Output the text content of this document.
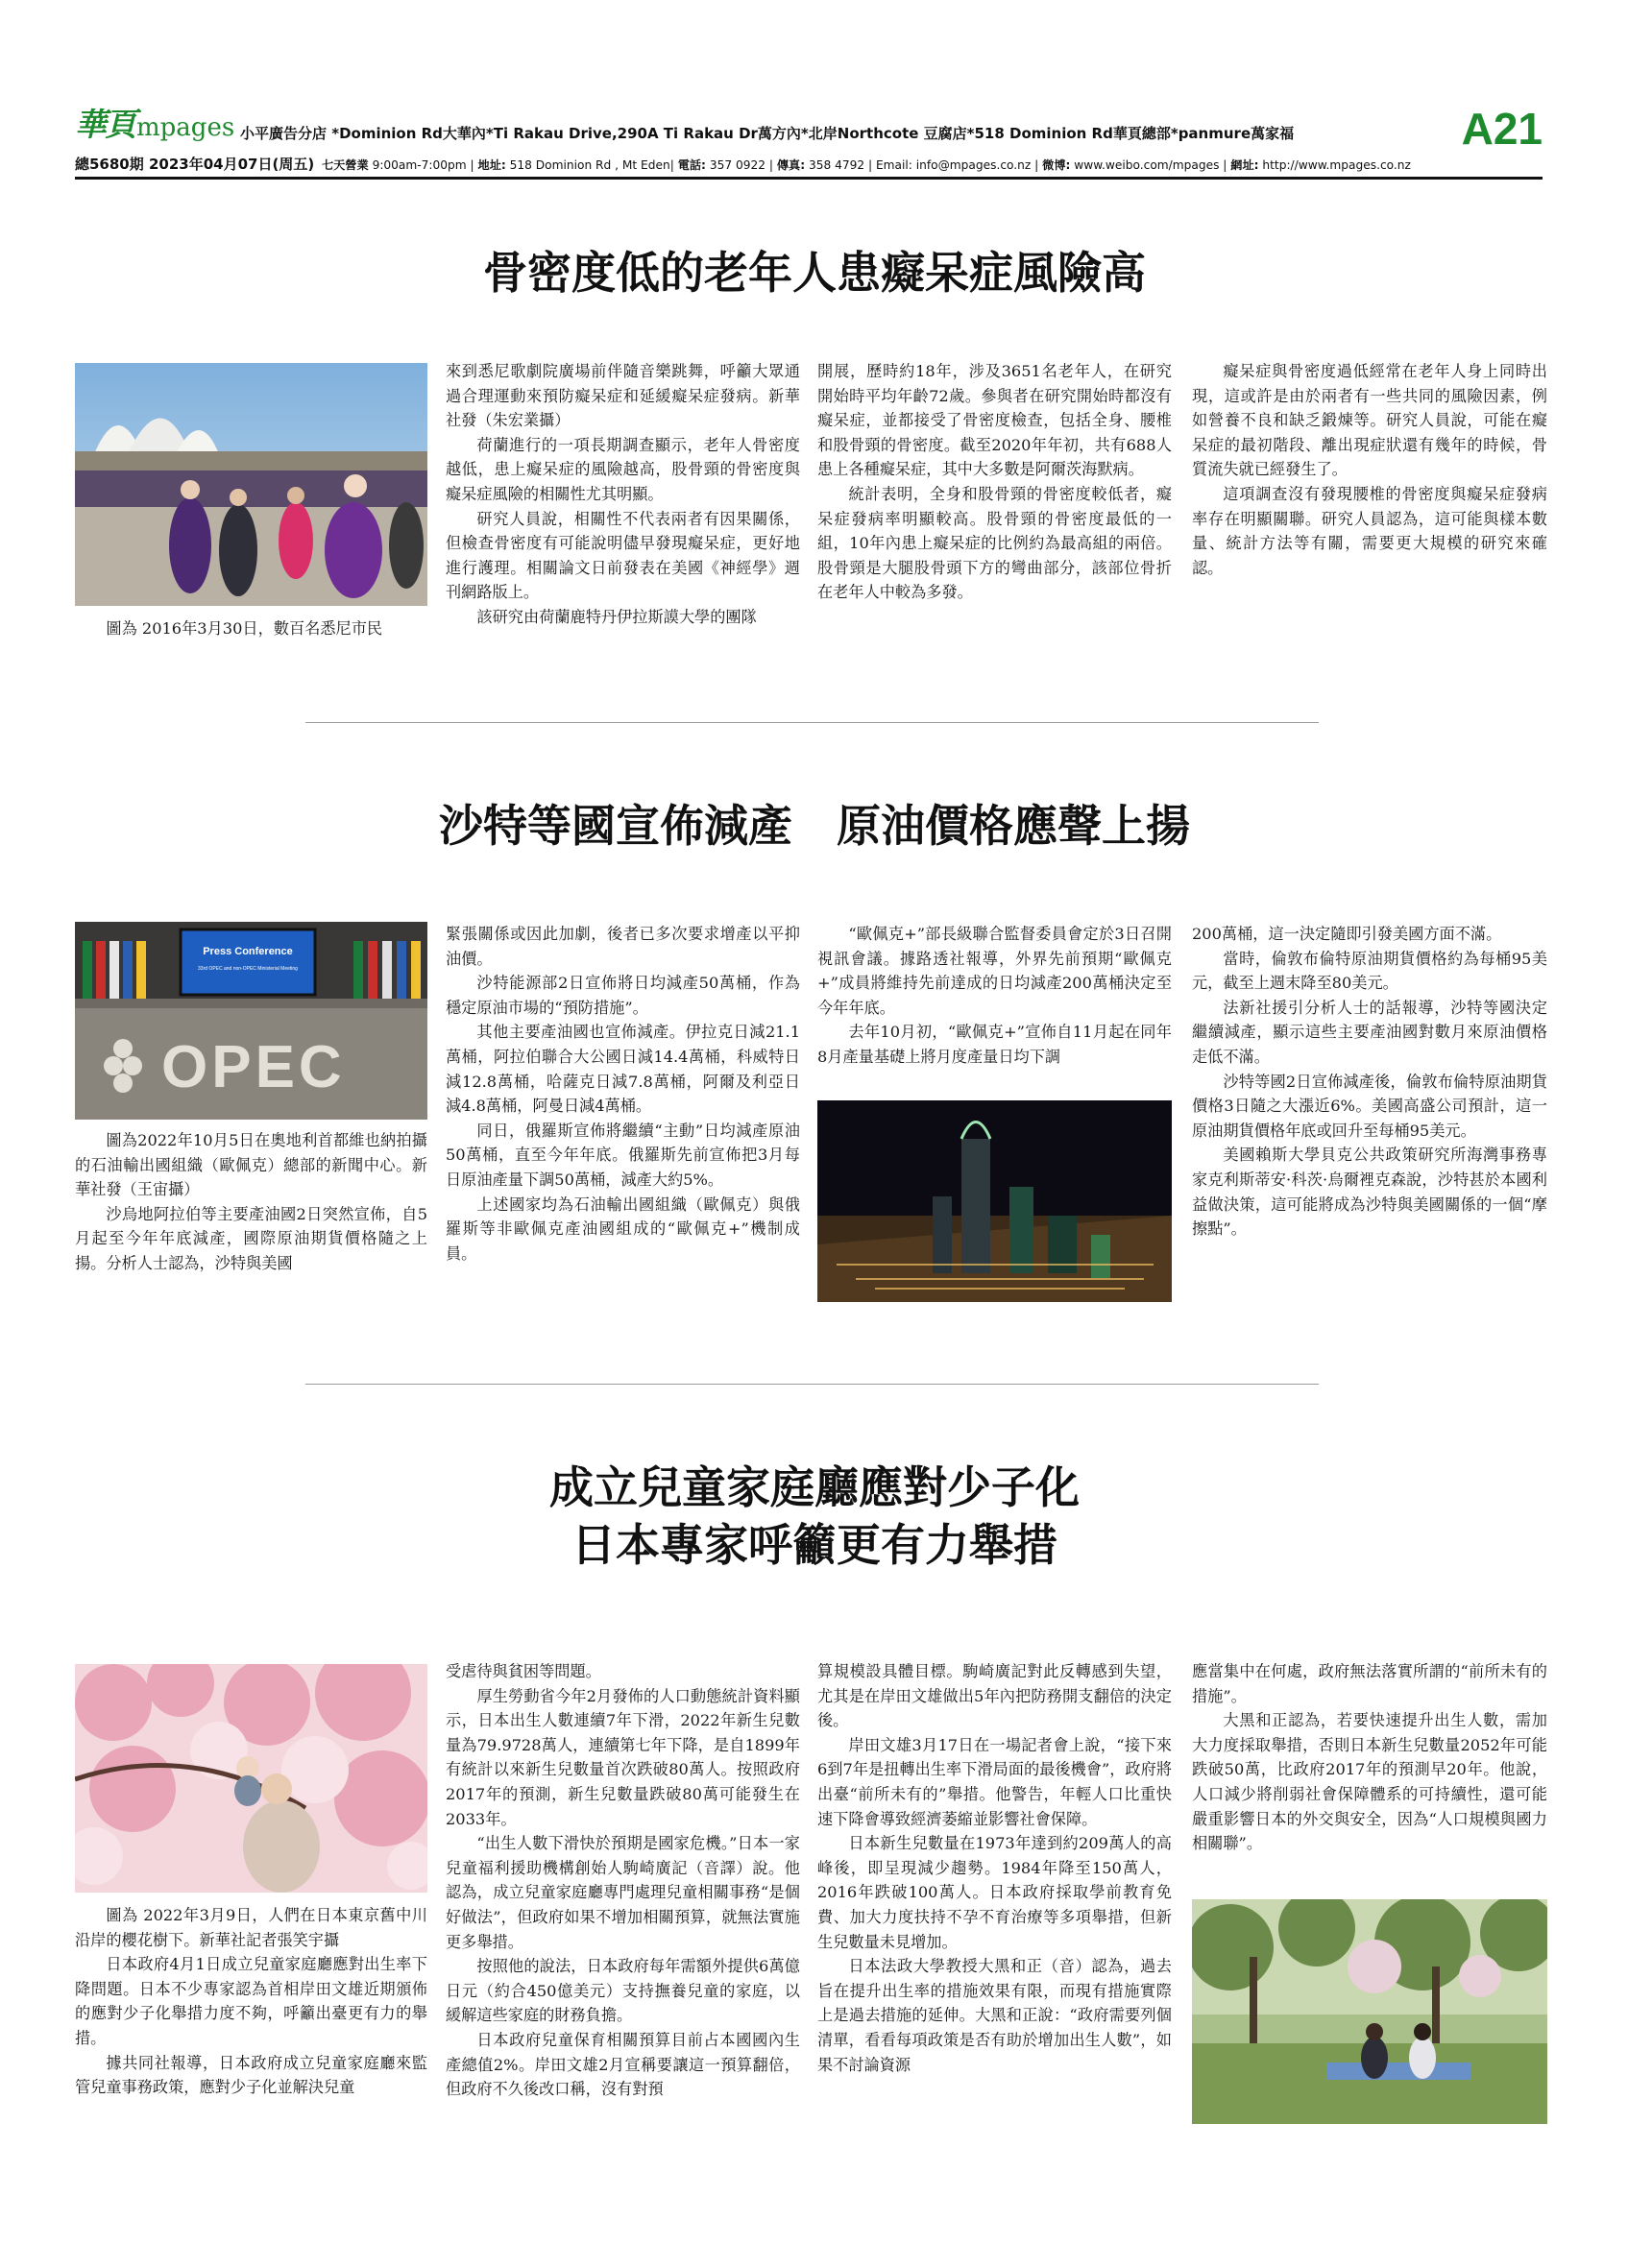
華頁 mpages 小平廣告分店 *Dominion Rd大華內*Ti Rakau Drive,290A Ti Rakau Dr萬方內*北岸Northcote 豆腐店*518 Dominion Rd華頁總部*panmure萬家福	A21
總5680期 2023年04月07日(周五) 七天營業 9:00am-7:00pm | 地址: 518 Dominion Rd , Mt Eden| 電話: 357 0922 | 傳真: 358 4792 | Email: info@mpages.co.nz | 微博: www.weibo.com/mpages | 網址: http://www.mpages.co.nz
骨密度低的老年人患癡呆症風險高

圖為 2016年3月30日，數百名悉尼市民

來到悉尼歌劇院廣場前伴隨音樂跳舞，呼籲大眾通過合理運動來預防癡呆症和延緩癡呆症發病。新華社發（朱宏業攝）

荷蘭進行的一項長期調查顯示，老年人骨密度越低，患上癡呆症的風險越高，股骨頸的骨密度與癡呆症風險的相關性尤其明顯。

研究人員說，相關性不代表兩者有因果關係，但檢查骨密度有可能說明儘早發現癡呆症，更好地進行護理。相關論文日前發表在美國《神經學》週刊網路版上。

該研究由荷蘭鹿特丹伊拉斯謨大學的團隊

開展，歷時約18年，涉及3651名老年人，在研究開始時平均年齡72歲。參與者在研究開始時都沒有癡呆症，並都接受了骨密度檢查，包括全身、腰椎和股骨頸的骨密度。截至2020年年初，共有688人患上各種癡呆症，其中大多數是阿爾茨海默病。

統計表明，全身和股骨頸的骨密度較低者，癡呆症發病率明顯較高。股骨頸的骨密度最低的一組，10年內患上癡呆症的比例約為最高組的兩倍。股骨頸是大腿股骨頭下方的彎曲部分，該部位骨折在老年人中較為多發。

癡呆症與骨密度過低經常在老年人身上同時出現，這或許是由於兩者有一些共同的風險因素，例如營養不良和缺乏鍛煉等。研究人員說，可能在癡呆症的最初階段、離出現症狀還有幾年的時候，骨質流失就已經發生了。

這項調查沒有發現腰椎的骨密度與癡呆症發病率存在明顯關聯。研究人員認為，這可能與樣本數量、統計方法等有關，需要更大規模的研究來確認。

沙特等國宣佈減產　原油價格應聲上揚
Press Conference
33rd OPEC and non-OPEC Ministerial Meeting
OPEC

圖為2022年10月5日在奧地利首都維也納拍攝的石油輸出國組織（歐佩克）總部的新聞中心。新華社發（王宙攝）

沙烏地阿拉伯等主要產油國2日突然宣佈，自5月起至今年年底減產，國際原油期貨價格隨之上揚。分析人士認為，沙特與美國

緊張關係或因此加劇，後者已多次要求增產以平抑油價。

沙特能源部2日宣佈將日均減產50萬桶，作為穩定原油市場的“預防措施”。

其他主要產油國也宣佈減產。伊拉克日減21.1萬桶，阿拉伯聯合大公國日減14.4萬桶，科威特日減12.8萬桶，哈薩克日減7.8萬桶，阿爾及利亞日減4.8萬桶，阿曼日減4萬桶。

同日，俄羅斯宣佈將繼續“主動”日均減產原油50萬桶，直至今年年底。俄羅斯先前宣佈把3月每日原油產量下調50萬桶，減產大約5%。

上述國家均為石油輸出國組織（歐佩克）與俄羅斯等非歐佩克產油國組成的“歐佩克+”機制成員。

“歐佩克+”部長級聯合監督委員會定於3日召開視訊會議。據路透社報導，外界先前預期“歐佩克+”成員將維持先前達成的日均減產200萬桶決定至今年年底。

去年10月初，“歐佩克+”宣佈自11月起在同年8月產量基礎上將月度產量日均下調

200萬桶，這一決定隨即引發美國方面不滿。

當時，倫敦布倫特原油期貨價格約為每桶95美元，截至上週末降至80美元。

法新社援引分析人士的話報導，沙特等國決定繼續減產，顯示這些主要產油國對數月來原油價格走低不滿。

沙特等國2日宣佈減產後，倫敦布倫特原油期貨價格3日隨之大漲近6%。美國高盛公司預計，這一原油期貨價格年底或回升至每桶95美元。

美國賴斯大學貝克公共政策研究所海灣事務專家克利斯蒂安·科茨·烏爾裡克森說，沙特甚於本國利益做決策，這可能將成為沙特與美國關係的一個“摩擦點”。

成立兒童家庭廳應對少子化
日本專家呼籲更有力舉措

圖為 2022年3月9日，人們在日本東京舊中川沿岸的櫻花樹下。新華社記者張笑宇攝

日本政府4月1日成立兒童家庭廳應對出生率下降問題。日本不少專家認為首相岸田文雄近期頒佈的應對少子化舉措力度不夠，呼籲出臺更有力的舉措。

據共同社報導，日本政府成立兒童家庭廳來監管兒童事務政策，應對少子化並解決兒童

受虐待與貧困等問題。

厚生勞動省今年2月發佈的人口動態統計資料顯示，日本出生人數連續7年下滑，2022年新生兒數量為79.9728萬人，連續第七年下降，是自1899年有統計以來新生兒數量首次跌破80萬人。按照政府2017年的預測，新生兒數量跌破80萬可能發生在2033年。

“出生人數下滑快於預期是國家危機。”日本一家兒童福利援助機構創始人駒崎廣記（音譯）說。他認為，成立兒童家庭廳專門處理兒童相關事務“是個好做法”，但政府如果不增加相關預算，就無法實施更多舉措。

按照他的說法，日本政府每年需額外提供6萬億日元（約合450億美元）支持撫養兒童的家庭，以緩解這些家庭的財務負擔。

日本政府兒童保育相關預算目前占本國國內生產總值2%。岸田文雄2月宣稱要讓這一預算翻倍，但政府不久後改口稱，沒有對預

算規模設具體目標。駒崎廣記對此反轉感到失望，尤其是在岸田文雄做出5年內把防務開支翻倍的決定後。

岸田文雄3月17日在一場記者會上說，“接下來6到7年是扭轉出生率下滑局面的最後機會”，政府將出臺“前所未有的”舉措。他警告，年輕人口比重快速下降會導致經濟萎縮並影響社會保障。

日本新生兒數量在1973年達到約209萬人的高峰後，即呈現減少趨勢。1984年降至150萬人，2016年跌破100萬人。日本政府採取學前教育免費、加大力度扶持不孕不育治療等多項舉措，但新生兒數量未見增加。

日本法政大學教授大黑和正（音）認為，過去旨在提升出生率的措施效果有限，而現有措施實際上是過去措施的延伸。大黑和正說：“政府需要列個清單，看看每項政策是否有助於增加出生人數”，如果不討論資源

應當集中在何處，政府無法落實所謂的“前所未有的措施”。

大黑和正認為，若要快速提升出生人數，需加大力度採取舉措，否則日本新生兒數量2052年可能跌破50萬，比政府2017年的預測早20年。他說，人口減少將削弱社會保障體系的可持續性，還可能嚴重影響日本的外交與安全，因為“人口規模與國力相關聯”。
